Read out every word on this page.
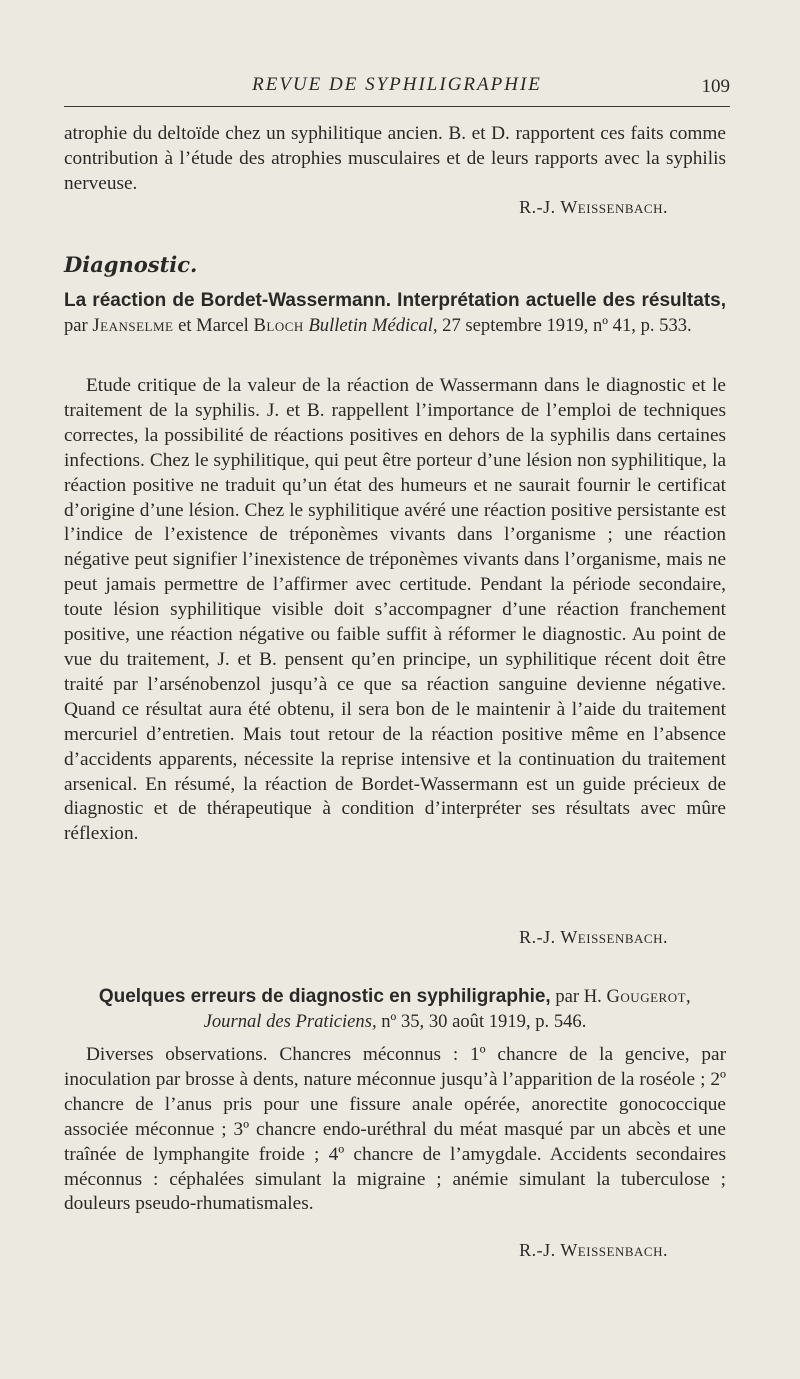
REVUE DE SYPHILIGRAPHIE	109

atrophie du deltoïde chez un syphilitique ancien. B. et D. rapportent ces faits comme contribution à l’étude des atrophies musculaires et de leurs rapports avec la syphilis nerveuse.

R.-J. Weissenbach.
Diagnostic.

La réaction de Bordet-Wassermann. Interprétation actuelle des résultats, par Jeanselme et Marcel Bloch Bulletin Médical, 27 septembre 1919, nº 41, p. 533.

Etude critique de la valeur de la réaction de Wassermann dans le diagnostic et le traitement de la syphilis. J. et B. rappellent l’importance de l’emploi de techniques correctes, la possibilité de réactions positives en dehors de la syphilis dans certaines infections. Chez le syphilitique, qui peut être porteur d’une lésion non syphilitique, la réaction positive ne traduit qu’un état des humeurs et ne saurait fournir le certificat d’origine d’une lésion. Chez le syphilitique avéré une réaction positive persistante est l’indice de l’existence de tréponèmes vivants dans l’organisme ; une réaction négative peut signifier l’inexistence de tréponèmes vivants dans l’organisme, mais ne peut jamais permettre de l’affirmer avec certitude. Pendant la période secondaire, toute lésion syphilitique visible doit s’accompagner d’une réaction franchement positive, une réaction négative ou faible suffit à réformer le diagnostic. Au point de vue du traitement, J. et B. pensent qu’en principe, un syphilitique récent doit être traité par l’arsénobenzol jusqu’à ce que sa réaction sanguine devienne négative. Quand ce résultat aura été obtenu, il sera bon de le maintenir à l’aide du traitement mercuriel d’entretien. Mais tout retour de la réaction positive même en l’absence d’accidents apparents, nécessite la reprise intensive et la continuation du traitement arsenical. En résumé, la réaction de Bordet-Wassermann est un guide précieux de diagnostic et de thérapeutique à condition d’interpréter ses résultats avec mûre réflexion.

R.-J. Weissenbach.

Quelques erreurs de diagnostic en syphiligraphie, par H. Gougerot, Journal des Praticiens, nº 35, 30 août 1919, p. 546.

Diverses observations. Chancres méconnus : 1º chancre de la gencive, par inoculation par brosse à dents, nature méconnue jusqu’à l’apparition de la roséole ; 2º chancre de l’anus pris pour une fissure anale opérée, anorectite gonococcique associée méconnue ; 3º chancre endo-uréthral du méat masqué par un abcès et une traînée de lymphangite froide ; 4º chancre de l’amygdale. Accidents secondaires méconnus : céphalées simulant la migraine ; anémie simulant la tuberculose ; douleurs pseudo-rhumatismales.

R.-J. Weissenbach.
